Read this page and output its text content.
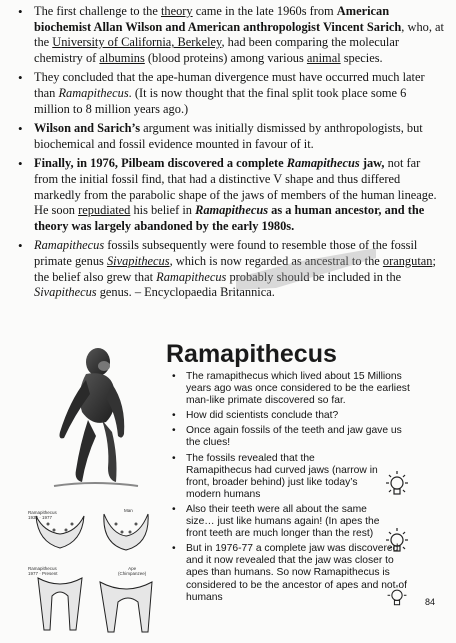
• The first challenge to the theory came in the late 1960s from American biochemist Allan Wilson and American anthropologist Vincent Sarich, who, at the University of California, Berkeley, had been comparing the molecular chemistry of albumins (blood proteins) among various animal species.
• They concluded that the ape-human divergence must have occurred much later than Ramapithecus. (It is now thought that the final split took place some 6 million to 8 million years ago.)
• Wilson and Sarich’s argument was initially dismissed by anthropologists, but biochemical and fossil evidence mounted in favour of it.
• Finally, in 1976, Pilbeam discovered a complete Ramapithecus jaw, not far from the initial fossil find, that had a distinctive V shape and thus differed markedly from the parabolic shape of the jaws of members of the human lineage. He soon repudiated his belief in Ramapithecus as a human ancestor, and the theory was largely abandoned by the early 1980s.
• Ramapithecus fossils subsequently were found to resemble those of the fossil primate genus Sivapithecus, which is now regarded as ancestral to the orangutan; the belief also grew that Ramapithecus probably should be included in the Sivapithecus genus. – Encyclopaedia Britannica.
Ramapithecus
• The ramapithecus which lived about 15 Millions years ago was once considered to be the earliest man-like primate discovered so far.
• How did scientists conclude that?
• Once again fossils of the teeth and jaw gave us the clues!
• The fossils revealed that the Ramapithecus had curved jaws (narrow in front, broader behind) just like today’s modern humans
• Also their teeth were all about the same size… just like humans again! (In apes the front teeth are much longer than the rest)
• But in 1976-77 a complete jaw was discovered and it now revealed that the jaw was closer to apes than humans. So now Ramapithecus is considered to be the ancestor of apes and not of humans	84
Ramapithecus
1932 · 1977
Man
Ramapithecus
1977 · Present
Ape
(Chimpanzee)
